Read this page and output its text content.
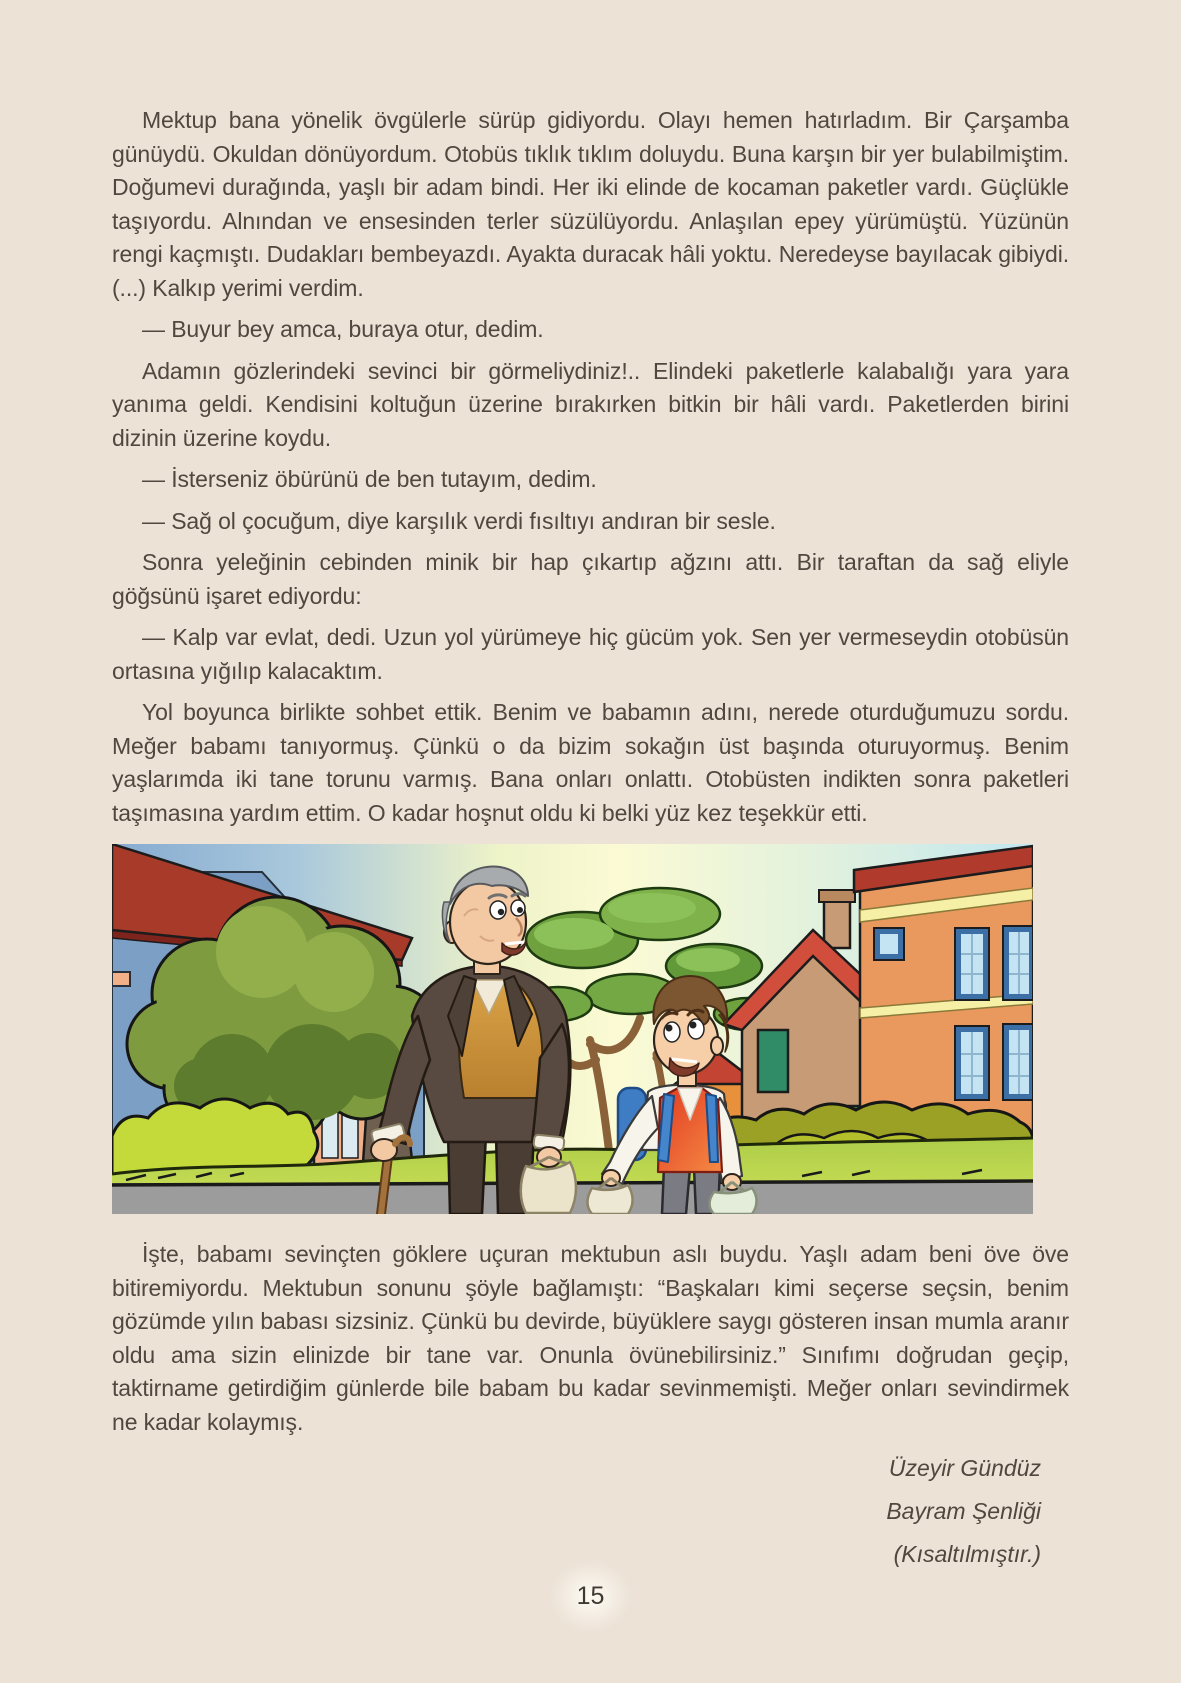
Mektup bana yönelik övgülerle sürüp gidiyordu. Olayı hemen hatırladım. Bir Çarşamba günüydü. Okuldan dönüyordum. Otobüs tıklık tıklım doluydu. Buna karşın bir yer bulabilmiştim. Doğumevi durağında, yaşlı bir adam bindi. Her iki elinde de kocaman paketler vardı. Güçlükle taşıyordu. Alnından ve ensesinden terler süzülüyordu. Anlaşılan epey yürümüştü. Yüzünün rengi kaçmıştı. Dudakları bembeyazdı. Ayakta duracak hâli yoktu. Neredeyse bayılacak gibiydi. (...) Kalkıp yerimi verdim.

— Buyur bey amca, buraya otur, dedim.

Adamın gözlerindeki sevinci bir görmeliydiniz!.. Elindeki paketlerle kalabalığı yara yara yanıma geldi. Kendisini koltuğun üzerine bırakırken bitkin bir hâli vardı. Paketlerden birini dizinin üzerine koydu.

— İsterseniz öbürünü de ben tutayım, dedim.

— Sağ ol çocuğum, diye karşılık verdi fısıltıyı andıran bir sesle.

Sonra yeleğinin cebinden minik bir hap çıkartıp ağzını attı. Bir taraftan da sağ eliyle göğsünü işaret ediyordu:

— Kalp var evlat, dedi. Uzun yol yürümeye hiç gücüm yok. Sen yer vermeseydin otobüsün ortasına yığılıp kalacaktım.

Yol boyunca birlikte sohbet ettik. Benim ve babamın adını, nerede oturduğumuzu sordu. Meğer babamı tanıyormuş. Çünkü o da bizim sokağın üst başında oturuyormuş. Benim yaşlarımda iki tane torunu varmış. Bana onları onlattı. Otobüsten indikten sonra paketleri taşımasına yardım ettim. O kadar hoşnut oldu ki belki yüz kez teşekkür etti.

İşte, babamı sevinçten göklere uçuran mektubun aslı buydu. Yaşlı adam beni öve öve bitiremiyordu. Mektubun sonunu şöyle bağlamıştı: “Başkaları kimi seçerse seçsin, benim gözümde yılın babası sizsiniz. Çünkü bu devirde, büyüklere saygı gösteren insan mumla aranır oldu ama sizin elinizde bir tane var. Onunla övünebilirsiniz.” Sınıfımı doğrudan geçip, taktirname getirdiğim günlerde bile babam bu kadar sevinmemişti. Meğer onları sevindirmek ne kadar kolaymış.

Üzeyir Gündüz
Bayram Şenliği
(Kısaltılmıştır.)
15
